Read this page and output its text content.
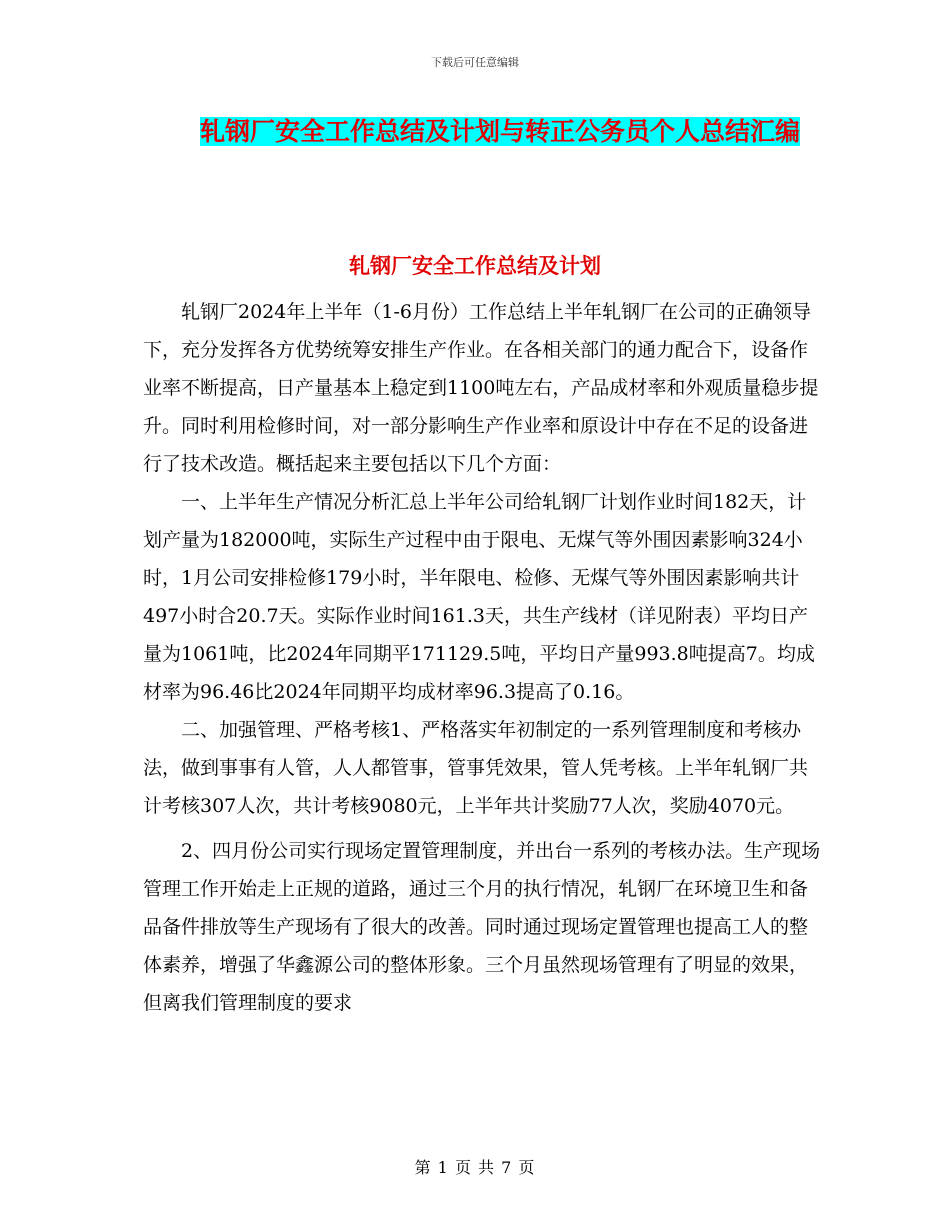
下载后可任意编辑
轧钢厂安全工作总结及计划与转正公务员个人总结汇编
轧钢厂安全工作总结及计划

轧钢厂2024年上半年（1-6月份）工作总结上半年轧钢厂在公司的正确领导下，充分发挥各方优势统筹安排生产作业。在各相关部门的通力配合下，设备作业率不断提高，日产量基本上稳定到1100吨左右，产品成材率和外观质量稳步提升。同时利用检修时间，对一部分影响生产作业率和原设计中存在不足的设备进行了技术改造。概括起来主要包括以下几个方面：

一、上半年生产情况分析汇总上半年公司给轧钢厂计划作业时间182天，计划产量为182000吨，实际生产过程中由于限电、无煤气等外围因素影响324小时，1月公司安排检修179小时，半年限电、检修、无煤气等外围因素影响共计497小时合20.7天。实际作业时间161.3天，共生产线材（详见附表）平均日产量为1061吨，比2024年同期平171129.5吨，平均日产量993.8吨提高7。均成材率为96.46比2024年同期平均成材率96.3提高了0.16。

二、加强管理、严格考核1、严格落实年初制定的一系列管理制度和考核办法，做到事事有人管，人人都管事，管事凭效果，管人凭考核。上半年轧钢厂共计考核307人次，共计考核9080元，上半年共计奖励77人次，奖励4070元。

2、四月份公司实行现场定置管理制度，并出台一系列的考核办法。生产现场管理工作开始走上正规的道路，通过三个月的执行情况，轧钢厂在环境卫生和备品备件排放等生产现场有了很大的改善。同时通过现场定置管理也提高工人的整体素养，增强了华鑫源公司的整体形象。三个月虽然现场管理有了明显的效果，但离我们管理制度的要求

第 1 页 共 7 页
